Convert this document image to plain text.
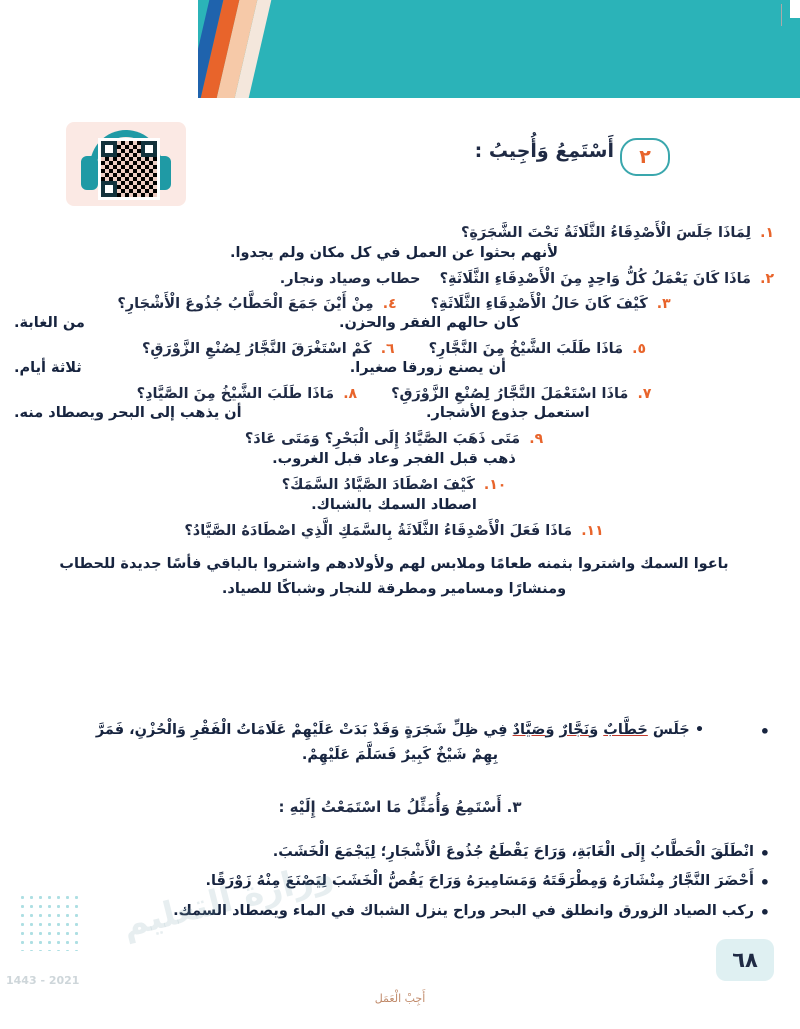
٢
أَسْتَمِعُ وَأُجِيبُ :
١. لِمَاذَا جَلَسَ الْأَصْدِقَاءُ الثَّلَاثَةُ تَحْتَ الشَّجَرَةِ؟
لأنهم بحثوا عن العمل في كل مكان ولم يجدوا.
٢. مَاذَا كَانَ يَعْمَلُ كُلُّ وَاحِدٍ مِنَ الْأَصْدِقَاءِ الثَّلَاثَةِ؟ حطاب وصياد ونجار.
٣. كَيْفَ كَانَ حَالُ الْأَصْدِقَاءِ الثَّلَاثَةِ؟
٤. مِنْ أَيْنَ جَمَعَ الْحَطَّابُ جُذُوعَ الْأَشْجَارِ؟
كان حالهم الفقر والحزن.
من الغابة.
٥. مَاذَا طَلَبَ الشَّيْخُ مِنَ النَّجَّارِ؟
٦. كَمْ اسْتَغْرَقَ النَّجَّارُ لِصُنْعِ الزَّوْرَقِ؟
أن يصنع زورقا صغيرا.
ثلاثة أيام.
٧. مَاذَا اسْتَعْمَلَ النَّجَّارُ لِصُنْعِ الزَّوْرَقِ؟
٨. مَاذَا طَلَبَ الشَّيْخُ مِنَ الصَّيَّادِ؟
استعمل جذوع الأشجار.
أن يذهب إلى البحر ويصطاد منه.
٩. مَتَى ذَهَبَ الصَّيَّادُ إِلَى الْبَحْرِ؟ وَمَتَى عَادَ؟
ذهب قبل الفجر وعاد قبل الغروب.
١٠. كَيْفَ اصْطَادَ الصَّيَّادُ السَّمَكَ؟
اصطاد السمك بالشباك.
١١. مَاذَا فَعَلَ الْأَصْدِقَاءُ الثَّلَاثَةُ بِالسَّمَكِ الَّذِي اصْطَادَهُ الصَّيَّادُ؟
باعوا السمك واشتروا بثمنه طعامًا وملابس لهم ولأولادهم واشتروا بالباقي فأسًا جديدة للحطاب ومنشارًا ومسامير ومطرقة للنجار وشباكًا للصياد.
• • جَلَسَ حَطَّابٌ وَنَجَّارٌ وَصَيَّادٌ فِي ظِلِّ شَجَرَةٍ وَقَدْ بَدَتْ عَلَيْهِمْ عَلَامَاتُ الْفَقْرِ وَالْحُزْنِ، فَمَرَّ
بِهِمْ شَيْخٌ كَبِيرٌ فَسَلَّمَ عَلَيْهِمْ.
٣. أَسْتَمِعُ وَأُمَثِّلُ مَا اسْتَمَعْتُ إِلَيْهِ :
• انْطَلَقَ الْحَطَّابُ إِلَى الْغَابَةِ، وَرَاحَ يَقْطَعُ جُذُوعَ الْأَشْجَارِ؛ لِيَجْمَعَ الْخَشَبَ.
• أَحْضَرَ النَّجَّارُ مِنْشَارَهُ وَمِطْرَقَتَهُ وَمَسَامِيرَهُ وَرَاحَ يَقُصُّ الْخَشَبَ لِيَصْنَعَ مِنْهُ زَوْرَقًا.
• ركب الصياد الزورق وانطلق في البحر وراح ينزل الشباك في الماء ويصطاد السمك.
وزارة التعليم
1443 - 2021
٦٨
أَجِبْ الْعَمَل
